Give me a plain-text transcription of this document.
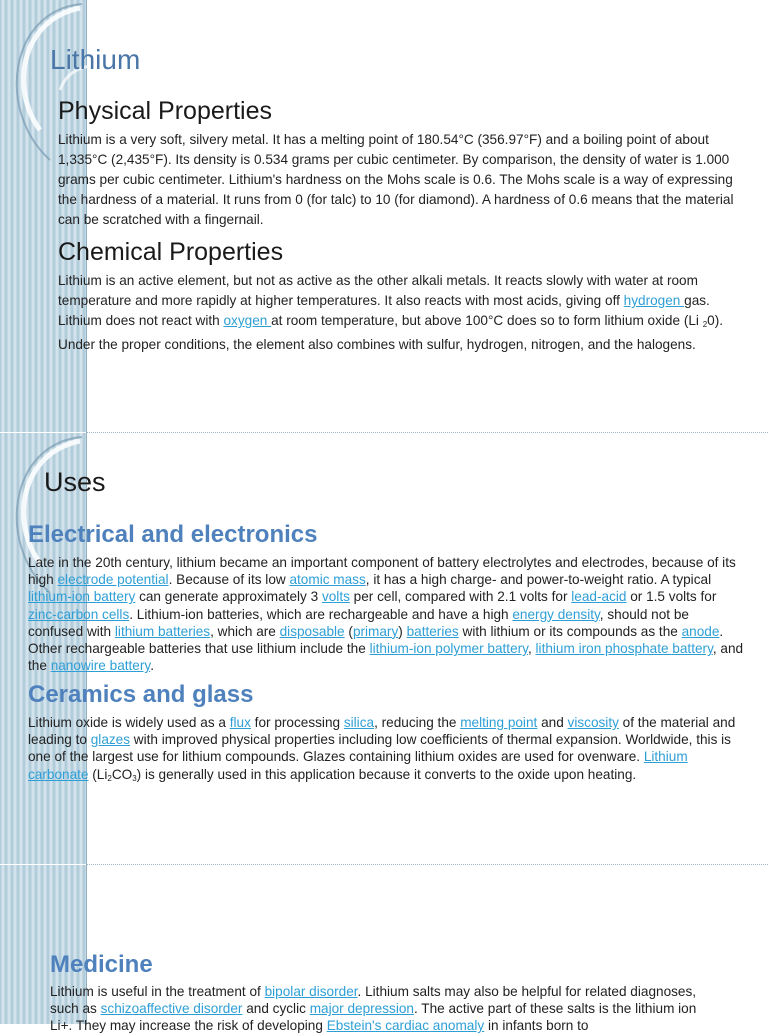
Lithium
Physical Properties
Lithium is a very soft, silvery metal. It has a melting point of 180.54°C (356.97°F) and a boiling point of about 1,335°C (2,435°F). Its density is 0.534 grams per cubic centimeter. By comparison, the density of water is 1.000 grams per cubic centimeter. Lithium's hardness on the Mohs scale is 0.6. The Mohs scale is a way of expressing the hardness of a material. It runs from 0 (for talc) to 10 (for diamond). A hardness of 0.6 means that the material can be scratched with a fingernail.
Chemical Properties
Lithium is an active element, but not as active as the other alkali metals. It reacts slowly with water at room temperature and more rapidly at higher temperatures. It also reacts with most acids, giving off hydrogen gas. Lithium does not react with oxygen at room temperature, but above 100°C does so to form lithium oxide (Li $_2$0). Under the proper conditions, the element also combines with sulfur, hydrogen, nitrogen, and the halogens.
Uses
Electrical and electronics
Late in the 20th century, lithium became an important component of battery electrolytes and electrodes, because of its high electrode potential. Because of its low atomic mass, it has a high charge- and power-to-weight ratio. A typical lithium-ion battery can generate approximately 3 volts per cell, compared with 2.1 volts for lead-acid or 1.5 volts for zinc-carbon cells. Lithium-ion batteries, which are rechargeable and have a high energy density, should not be confused with lithium batteries, which are disposable (primary) batteries with lithium or its compounds as the anode. Other rechargeable batteries that use lithium include the lithium-ion polymer battery, lithium iron phosphate battery, and the nanowire battery.
Ceramics and glass
Lithium oxide is widely used as a flux for processing silica, reducing the melting point and viscosity of the material and leading to glazes with improved physical properties including low coefficients of thermal expansion. Worldwide, this is one of the largest use for lithium compounds. Glazes containing lithium oxides are used for ovenware. Lithium carbonate $(Li_2CO_3)$ is generally used in this application because it converts to the oxide upon heating.
Medicine
Lithium is useful in the treatment of bipolar disorder. Lithium salts may also be helpful for related diagnoses, such as schizoaffective disorder and cyclic major depression. The active part of these salts is the lithium ion Li+. They may increase the risk of developing Ebstein's cardiac anomaly in infants born to
